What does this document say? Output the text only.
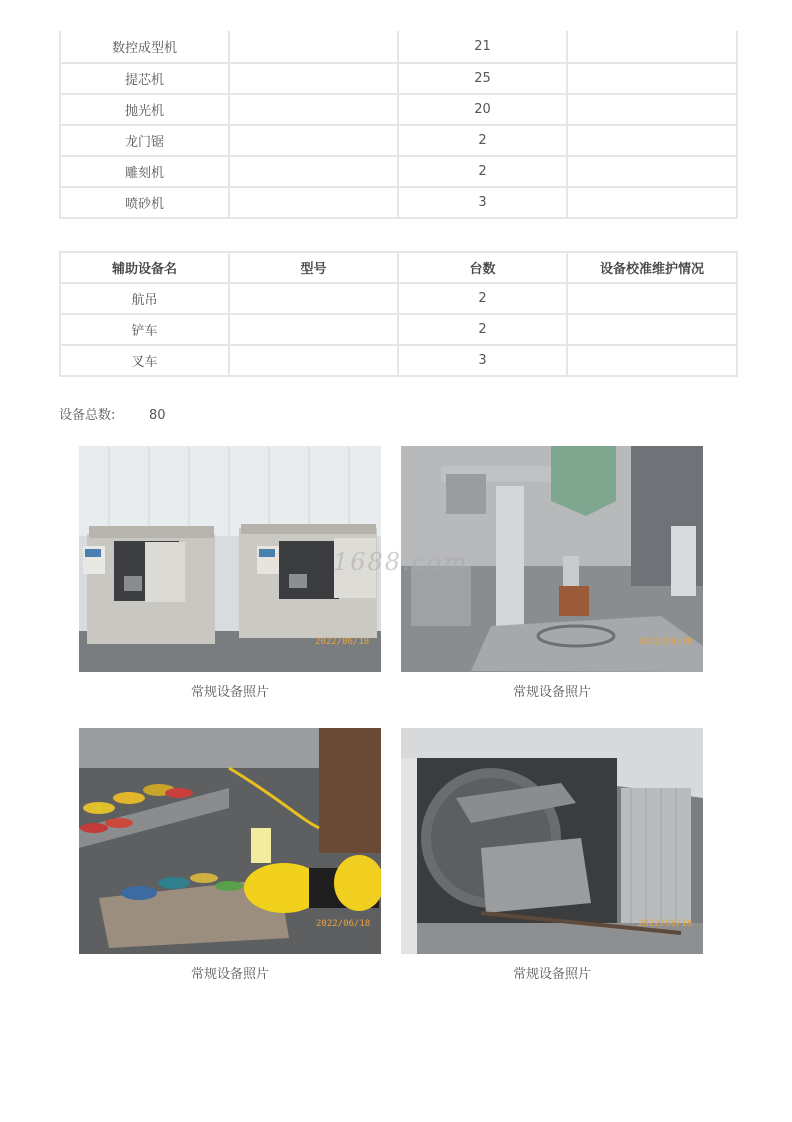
数控成型机		21	
提芯机		25	
抛光机		20	
龙门锯		2	
雕刻机		2	
喷砂机		3	
辅助设备名	型号	台数	设备校准维护情况
航吊		2	
铲车		2	
叉车		3	
设备总数:	80
2022/06/18	2022/06/18
1688.com
常规设备照片	常规设备照片
2022/06/18	2022/06/18
常规设备照片	常规设备照片
